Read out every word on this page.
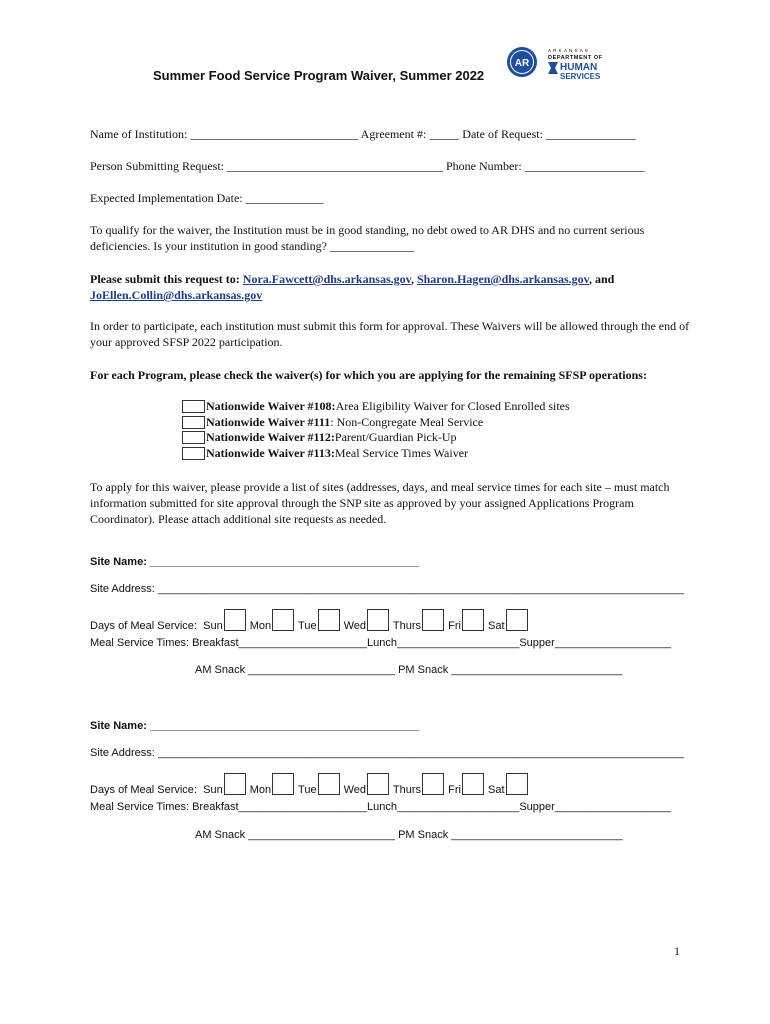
Summer Food Service Program Waiver, Summer 2022
AR
ARKANSAS
DEPARTMENT OF
HUMAN
SERVICES
Name of Institution: ____________________________ Agreement #: _____ Date of Request: _______________
Person Submitting Request: ____________________________________ Phone Number: ____________________
Expected Implementation Date: _____________
To qualify for the waiver, the Institution must be in good standing, no debt owed to AR DHS and no current serious deficiencies. Is your institution in good standing? ______________
Please submit this request to: Nora.Fawcett@dhs.arkansas.gov, Sharon.Hagen@dhs.arkansas.gov, and
JoEllen.Collin@dhs.arkansas.gov
In order to participate, each institution must submit this form for approval. These Waivers will be allowed through the end of your approved SFSP 2022 participation.
For each Program, please check the waiver(s) for which you are applying for the remaining SFSP operations:
Nationwide Waiver #108: Area Eligibility Waiver for Closed Enrolled sites
Nationwide Waiver #111 : Non-Congregate Meal Service
Nationwide Waiver #112: Parent/Guardian Pick-Up
Nationwide Waiver #113: Meal Service Times Waiver
To apply for this waiver, please provide a list of sites (addresses, days, and meal service times for each site – must match information submitted for site approval through the SNP site as approved by your assigned Applications Program Coordinator). Please attach additional site requests as needed.
Site Name: ____________________________________________
Site Address: ______________________________________________________________________________________
Days of Meal Service: Sun Mon Tue Wed Thurs Fri Sat
Meal Service Times: Breakfast_____________________Lunch____________________Supper___________________
AM Snack ________________________ PM Snack ____________________________
Site Name: ____________________________________________
Site Address: ______________________________________________________________________________________
Days of Meal Service: Sun Mon Tue Wed Thurs Fri Sat
Meal Service Times: Breakfast_____________________Lunch____________________Supper___________________
AM Snack ________________________ PM Snack ____________________________
1
